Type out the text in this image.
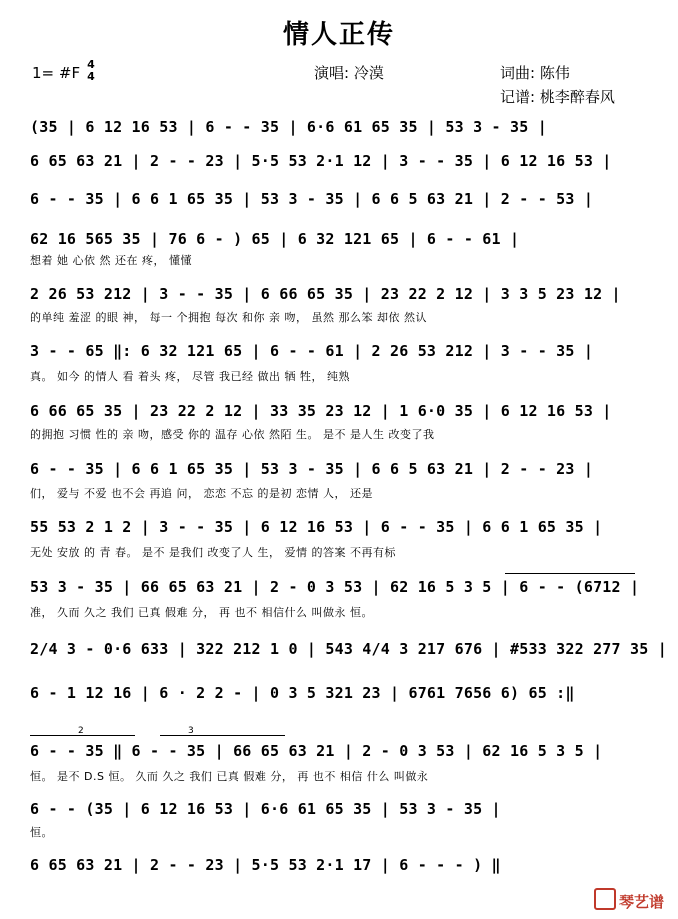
情人正传
1= #F 4
4	演唱: 冷漠	词曲: 陈伟
记谱: 桃李醉春风
(35 | 6 12 16 53 | 6 - - 35 | 6·6 61 65 35 | 53 3 - 35 |
6 65 63 21 | 2 - - 23 | 5·5 53 2·1 12 | 3 - - 35 | 6 12 16 53 |
6 - - 35 | 6 6 1 65 35 | 53 3 - 35 | 6 6 5 63 21 | 2 - - 53 |
62 16 565 35 | 76 6 - ) 65 | 6 32 121 65 | 6 - - 61 |
想着 她 心依 然 还在 疼， 懂懂
2 26 53 212 | 3 - - 35 | 6 66 65 35 | 23 22 2 12 | 3 3 5 23 12 |
的单纯 羞涩 的眼 神， 每一 个拥抱 每次 和你 亲 吻， 虽然 那么笨 却依 然认
3 - - 65 ‖: 6 32 121 65 | 6 - - 61 | 2 26 53 212 | 3 - - 35 |
真。 如今 的情人 看 着头 疼， 尽管 我已经 做出 牺 牲， 纯熟
6 66 65 35 | 23 22 2 12 | 33 35 23 12 | 1 6·0 35 | 6 12 16 53 |
的拥抱 习惯 性的 亲 吻，感受 你的 温存 心依 然陌 生。 是不 是人生 改变了我
6 - - 35 | 6 6 1 65 35 | 53 3 - 35 | 6 6 5 63 21 | 2 - - 23 |
们， 爱与 不爱 也不会 再追 问， 恋恋 不忘 的是初 恋情 人， 还是
55 53 2 1 2 | 3 - - 35 | 6 12 16 53 | 6 - - 35 | 6 6 1 65 35 |
无处 安放 的 青 春。 是不 是我们 改变了人 生， 爱情 的答案 不再有标
53 3 - 35 | 66 65 63 21 | 2 - 0 3 53 | 62 16 5 3 5 | 6 - - (6712 |
准， 久而 久之 我们 已真 假难 分， 再 也不 相信什么 叫做永 恒。
2/4 3 - 0·6 633 | 322 212 1 0 | 543 4/4 3 217 676 | #533 322 277 35 |
6 - 1 12 16 | 6 · 2 2 - | 0 3 5 321 23 | 6761 7656 6) 65 :‖
2	3
6 - - 35 ‖ 6 - - 35 | 66 65 63 21 | 2 - 0 3 53 | 62 16 5 3 5 |
恒。 是不 D.S 恒。 久而 久之 我们 已真 假难 分， 再 也不 相信 什么 叫做永
6 - - (35 | 6 12 16 53 | 6·6 61 65 35 | 53 3 - 35 |
恒。
6 65 63 21 | 2 - - 23 | 5·5 53 2·1 17 | 6 - - - ) ‖
琴艺谱
